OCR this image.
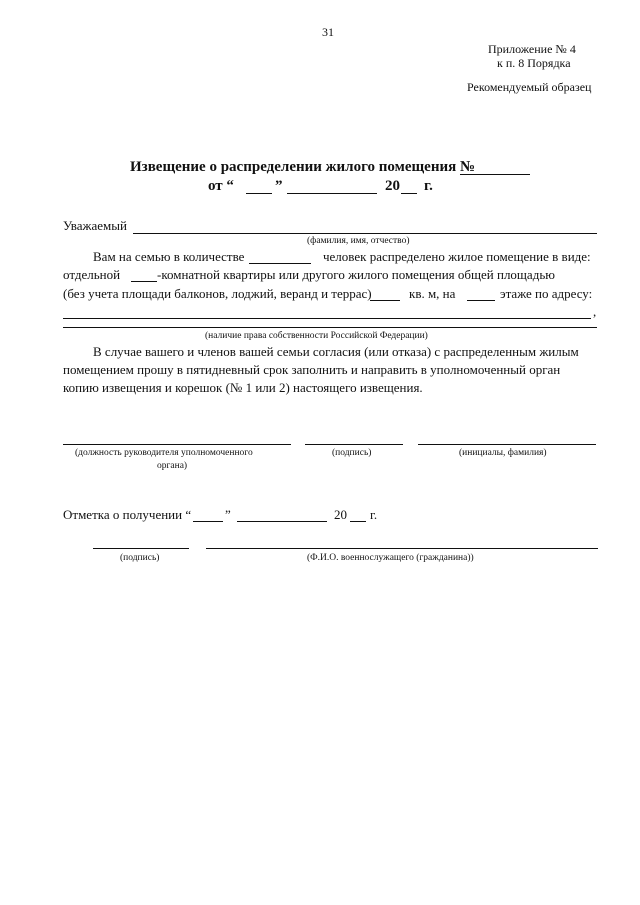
31
Приложение № 4
к п. 8 Порядка
Рекомендуемый образец
Извещение о распределении жилого помещения №
от “	”	20 г.
Уважаемый
(фамилия, имя, отчество)
Вам на семью в количестве	человек распределено жилое помещение в виде:
отдельной	-комнатной квартиры или другого жилого помещения общей площадью
(без учета площади балконов, лоджий, веранд и террас)	кв. м, на	этаже по адресу:
,
(наличие права собственности Российской Федерации)
В случае вашего и членов вашей семьи согласия (или отказа) с распределенным жилым
помещением прошу в пятидневный срок заполнить и направить в уполномоченный орган
копию извещения и корешок (№ 1 или 2) настоящего извещения.
(должность руководителя уполномоченного
органа)
(подпись)	(инициалы, фамилия)
Отметка о получении “	”	20 г.
(подпись)	(Ф.И.О. военнослужащего (гражданина))
